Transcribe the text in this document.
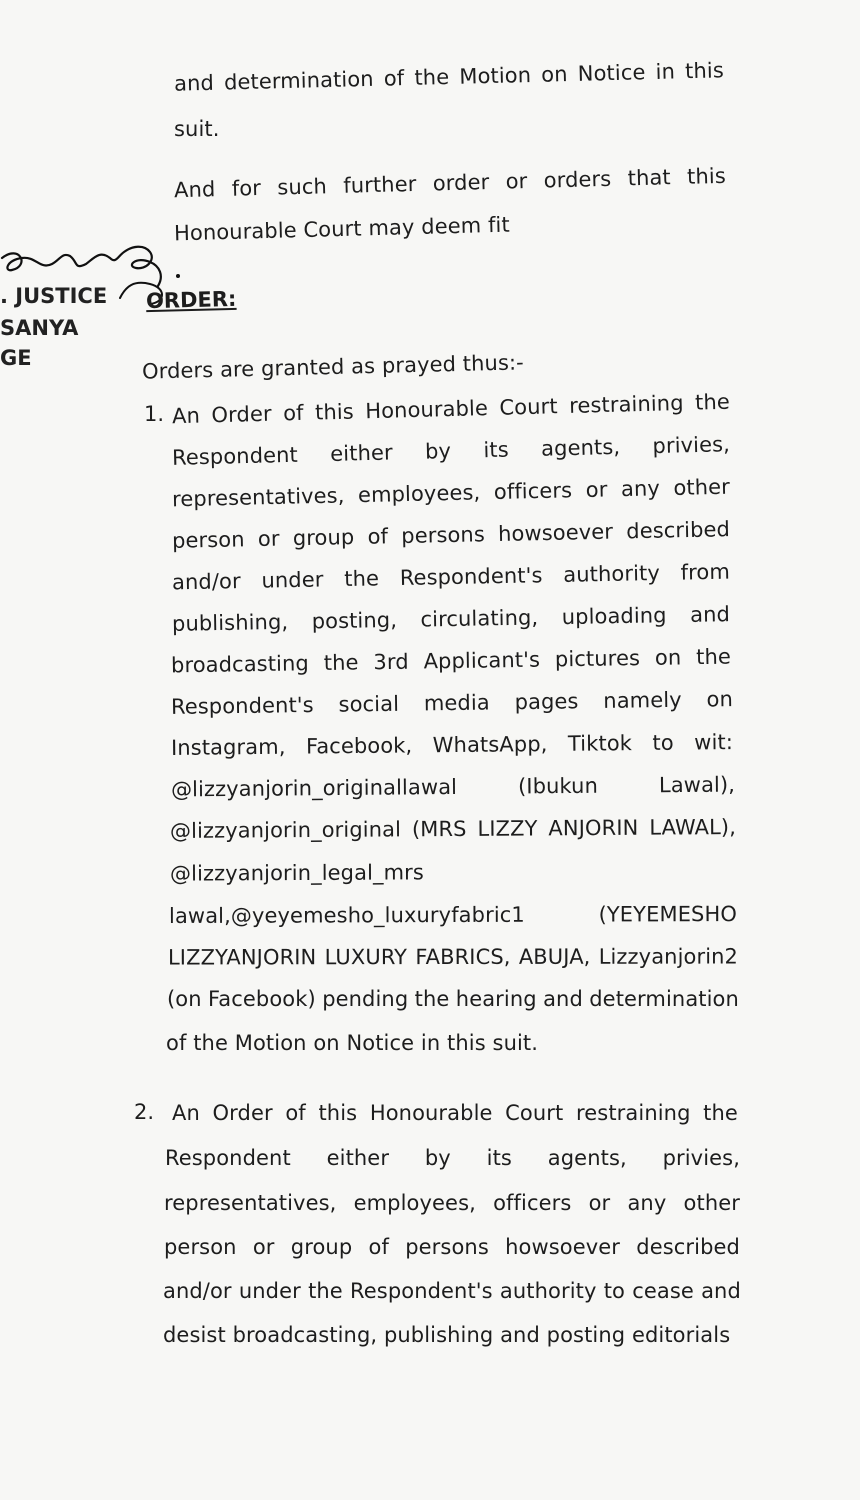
and determination of the Motion on Notice in this
suit.
And for such further order or orders that this
Honourable Court may deem fit
. JUSTICE
SANYA
GE
ORDER:
Orders are granted as prayed thus:-
1. An Order of this Honourable Court restraining the
Respondent either by its agents, privies,
representatives, employees, officers or any other
person or group of persons howsoever described
and/or under the Respondent's authority from
publishing, posting, circulating, uploading and
broadcasting the 3rd Applicant's pictures on the
Respondent's social media pages namely on
Instagram, Facebook, WhatsApp, Tiktok to wit:
@lizzyanjorin_originallawal	(Ibukun	Lawal),
@lizzyanjorin_original (MRS LIZZY ANJORIN LAWAL),
@lizzyanjorin_legal_mrs
lawal,@yeyemesho_luxuryfabric1	(YEYEMESHO
LIZZYANJORIN LUXURY FABRICS, ABUJA, Lizzyanjorin2
(on Facebook) pending the hearing and determination
of the Motion on Notice in this suit.
2. An Order of this Honourable Court restraining the
Respondent either by its agents, privies,
representatives, employees, officers or any other
person or group of persons howsoever described
and/or under the Respondent's authority to cease and
desist broadcasting, publishing and posting editorials
